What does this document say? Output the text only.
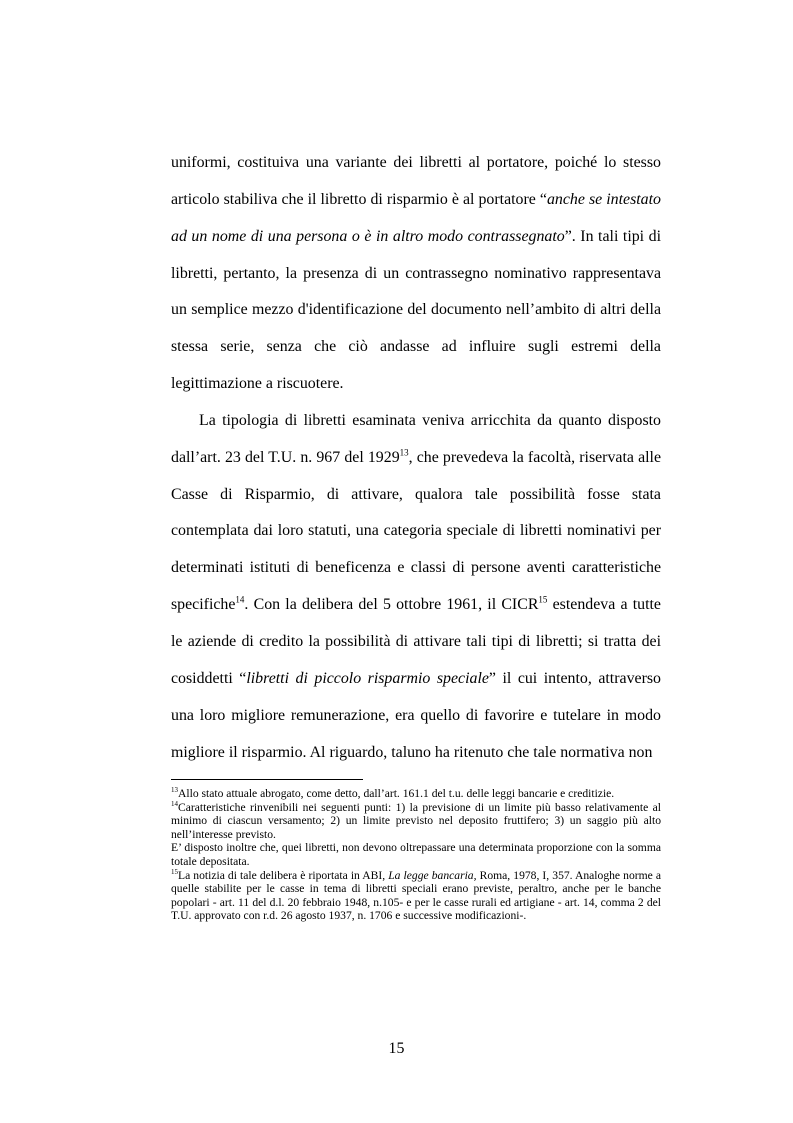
uniformi, costituiva una variante dei libretti al portatore, poiché lo stesso articolo stabiliva che il libretto di risparmio è al portatore “anche se intestato ad un nome di una persona o è in altro modo contrassegnato”. In tali tipi di libretti, pertanto, la presenza di un contrassegno nominativo rappresentava un semplice mezzo d'identificazione del documento nell’ambito di altri della stessa serie, senza che ciò andasse ad influire sugli estremi della legittimazione a riscuotere.

La tipologia di libretti esaminata veniva arricchita da quanto disposto dall’art. 23 del T.U. n. 967 del 1929$^{13}$, che prevedeva la facoltà, riservata alle Casse di Risparmio, di attivare, qualora tale possibilità fosse stata contemplata dai loro statuti, una categoria speciale di libretti nominativi per determinati istituti di beneficenza e classi di persone aventi caratteristiche specifiche$^{14}$. Con la delibera del 5 ottobre 1961, il CICR$^{15}$ estendeva a tutte le aziende di credito la possibilità di attivare tali tipi di libretti; si tratta dei cosiddetti “libretti di piccolo risparmio speciale” il cui intento, attraverso una loro migliore remunerazione, era quello di favorire e tutelare in modo migliore il risparmio. Al riguardo, taluno ha ritenuto che tale normativa non

$^{13}$Allo stato attuale abrogato, come detto, dall’art. 161.1 del t.u. delle leggi bancarie e creditizie.

$^{14}$Caratteristiche rinvenibili nei seguenti punti: 1) la previsione di un limite più basso relativamente al minimo di ciascun versamento; 2) un limite previsto nel deposito fruttifero; 3) un saggio più alto nell’interesse previsto.

E’ disposto inoltre che, quei libretti, non devono oltrepassare una determinata proporzione con la somma totale depositata.

$^{15}$La notizia di tale delibera è riportata in ABI, La legge bancaria, Roma, 1978, I, 357. Analoghe norme a quelle stabilite per le casse in tema di libretti speciali erano previste, peraltro, anche per le banche popolari - art. 11 del d.l. 20 febbraio 1948, n.105- e per le casse rurali ed artigiane - art. 14, comma 2 del T.U. approvato con r.d. 26 agosto 1937, n. 1706 e successive modificazioni-.

15
